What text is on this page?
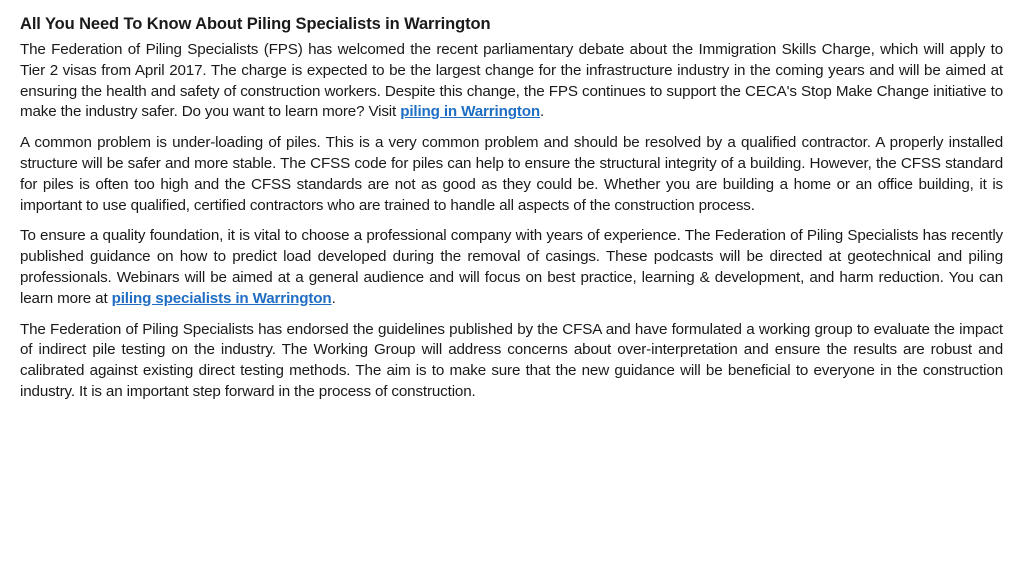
All You Need To Know About Piling Specialists in Warrington

The Federation of Piling Specialists (FPS) has welcomed the recent parliamentary debate about the Immigration Skills Charge, which will apply to Tier 2 visas from April 2017. The charge is expected to be the largest change for the infrastructure industry in the coming years and will be aimed at ensuring the health and safety of construction workers. Despite this change, the FPS continues to support the CECA's Stop Make Change initiative to make the industry safer. Do you want to learn more? Visit piling in Warrington.

A common problem is under-loading of piles. This is a very common problem and should be resolved by a qualified contractor. A properly installed structure will be safer and more stable. The CFSS code for piles can help to ensure the structural integrity of a building. However, the CFSS standard for piles is often too high and the CFSS standards are not as good as they could be. Whether you are building a home or an office building, it is important to use qualified, certified contractors who are trained to handle all aspects of the construction process.

To ensure a quality foundation, it is vital to choose a professional company with years of experience. The Federation of Piling Specialists has recently published guidance on how to predict load developed during the removal of casings. These podcasts will be directed at geotechnical and piling professionals. Webinars will be aimed at a general audience and will focus on best practice, learning & development, and harm reduction. You can learn more at piling specialists in Warrington.

The Federation of Piling Specialists has endorsed the guidelines published by the CFSA and have formulated a working group to evaluate the impact of indirect pile testing on the industry. The Working Group will address concerns about over-interpretation and ensure the results are robust and calibrated against existing direct testing methods. The aim is to make sure that the new guidance will be beneficial to everyone in the construction industry. It is an important step forward in the process of construction.
